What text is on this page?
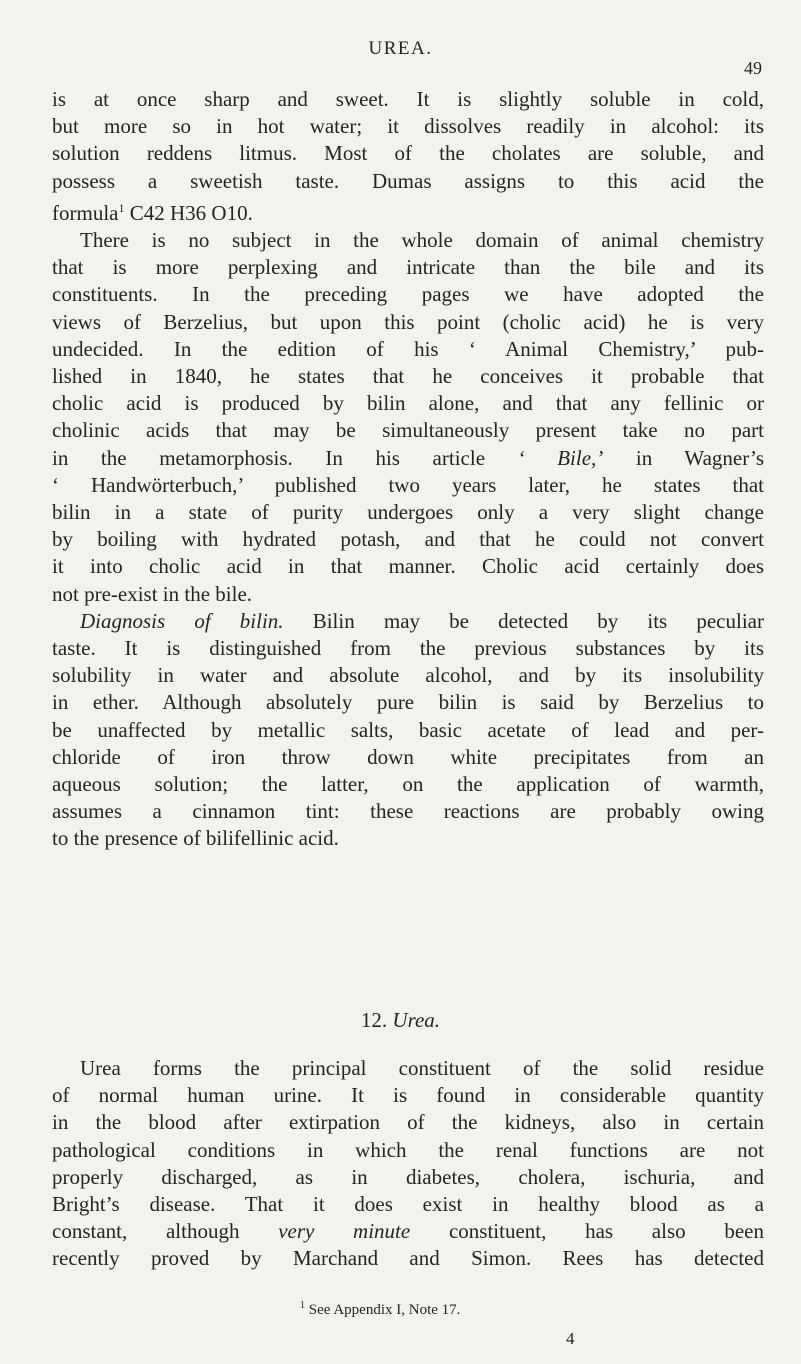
UREA.
49
is at once sharp and sweet. It is slightly soluble in cold,
but more so in hot water; it dissolves readily in alcohol: its
solution reddens litmus. Most of the cholates are soluble, and
possess a sweetish taste. Dumas assigns to this acid the
formula$^1$ C42 H36 O10.
There is no subject in the whole domain of animal chemistry
that is more perplexing and intricate than the bile and its
constituents. In the preceding pages we have adopted the
views of Berzelius, but upon this point (cholic acid) he is very
undecided. In the edition of his ‘ Animal Chemistry,’ pub-
lished in 1840, he states that he conceives it probable that
cholic acid is produced by bilin alone, and that any fellinic or
cholinic acids that may be simultaneously present take no part
in the metamorphosis. In his article ‘ Bile,’ in Wagner’s
‘ Handwörterbuch,’ published two years later, he states that
bilin in a state of purity undergoes only a very slight change
by boiling with hydrated potash, and that he could not convert
it into cholic acid in that manner. Cholic acid certainly does
not pre-exist in the bile.
Diagnosis of bilin. Bilin may be detected by its peculiar
taste. It is distinguished from the previous substances by its
solubility in water and absolute alcohol, and by its insolubility
in ether. Although absolutely pure bilin is said by Berzelius to
be unaffected by metallic salts, basic acetate of lead and per-
chloride of iron throw down white precipitates from an
aqueous solution; the latter, on the application of warmth,
assumes a cinnamon tint: these reactions are probably owing
to the presence of bilifellinic acid.
12. Urea.
Urea forms the principal constituent of the solid residue
of normal human urine. It is found in considerable quantity
in the blood after extirpation of the kidneys, also in certain
pathological conditions in which the renal functions are not
properly discharged, as in diabetes, cholera, ischuria, and
Bright’s disease. That it does exist in healthy blood as a
constant, although very minute constituent, has also been
recently proved by Marchand and Simon. Rees has detected
$^1$ See Appendix I, Note 17.
4
